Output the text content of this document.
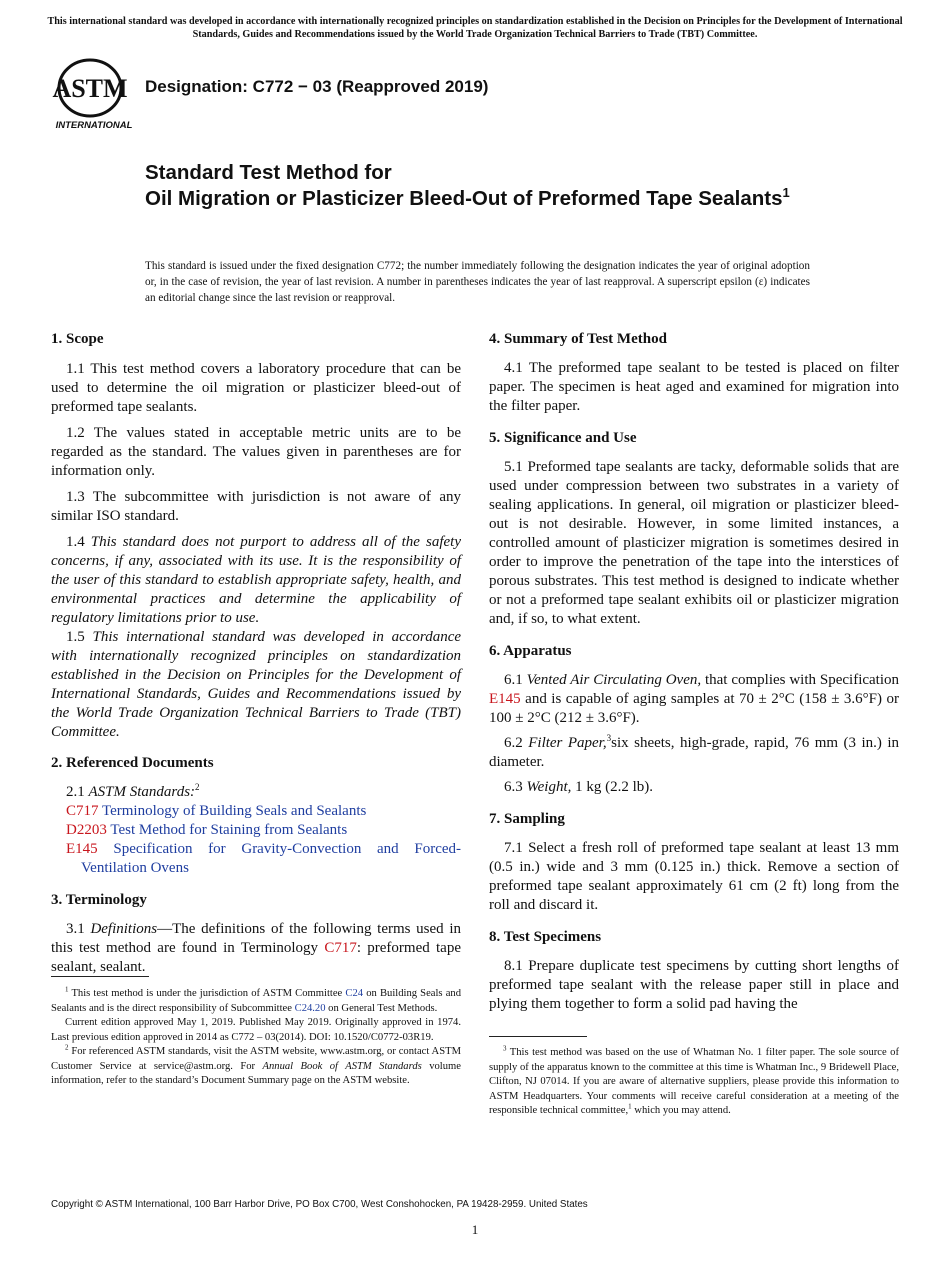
This international standard was developed in accordance with internationally recognized principles on standardization established in the Decision on Principles for the Development of International Standards, Guides and Recommendations issued by the World Trade Organization Technical Barriers to Trade (TBT) Committee.
ASTM
INTERNATIONAL
Designation: C772 − 03 (Reapproved 2019)
Standard Test Method for
Oil Migration or Plasticizer Bleed-Out of Preformed Tape Sealants$^1$
This standard is issued under the fixed designation C772; the number immediately following the designation indicates the year of original adoption or, in the case of revision, the year of last revision. A number in parentheses indicates the year of last reapproval. A superscript epsilon (ε) indicates an editorial change since the last revision or reapproval.

1. Scope

1.1 This test method covers a laboratory procedure that can be used to determine the oil migration or plasticizer bleed-out of preformed tape sealants.

1.2 The values stated in acceptable metric units are to be regarded as the standard. The values given in parentheses are for information only.

1.3 The subcommittee with jurisdiction is not aware of any similar ISO standard.

1.4 This standard does not purport to address all of the safety concerns, if any, associated with its use. It is the responsibility of the user of this standard to establish appropriate safety, health, and environmental practices and determine the applicability of regulatory limitations prior to use.

1.5 This international standard was developed in accordance with internationally recognized principles on standardization established in the Decision on Principles for the Development of International Standards, Guides and Recommendations issued by the World Trade Organization Technical Barriers to Trade (TBT) Committee.

2. Referenced Documents

2.1 ASTM Standards:$^2$

C717 Terminology of Building Seals and Sealants

D2203 Test Method for Staining from Sealants

E145 Specification for Gravity-Convection and Forced-Ventilation Ovens

3. Terminology

3.1 Definitions—The definitions of the following terms used in this test method are found in Terminology C717: preformed tape sealant, sealant.

4. Summary of Test Method

4.1 The preformed tape sealant to be tested is placed on filter paper. The specimen is heat aged and examined for migration into the filter paper.

5. Significance and Use

5.1 Preformed tape sealants are tacky, deformable solids that are used under compression between two substrates in a variety of sealing applications. In general, oil migration or plasticizer bleed-out is not desirable. However, in some limited instances, a controlled amount of plasticizer migration is sometimes desired in order to improve the penetration of the tape into the interstices of porous substrates. This test method is designed to indicate whether or not a preformed tape sealant exhibits oil or plasticizer migration and, if so, to what extent.

6. Apparatus

6.1 Vented Air Circulating Oven, that complies with Specification E145 and is capable of aging samples at 70 ± 2°C (158 ± 3.6°F) or 100 ± 2°C (212 ± 3.6°F).

6.2 Filter Paper,$^3$six sheets, high-grade, rapid, 76 mm (3 in.) in diameter.

6.3 Weight, 1 kg (2.2 lb).

7. Sampling

7.1 Select a fresh roll of preformed tape sealant at least 13 mm (0.5 in.) wide and 3 mm (0.125 in.) thick. Remove a section of preformed tape sealant approximately 61 cm (2 ft) long from the roll and discard it.

8. Test Specimens

8.1 Prepare duplicate test specimens by cutting short lengths of preformed tape sealant with the release paper still in place and plying them together to form a solid pad having the

$^1$ This test method is under the jurisdiction of ASTM Committee C24 on Building Seals and Sealants and is the direct responsibility of Subcommittee C24.20 on General Test Methods.

Current edition approved May 1, 2019. Published May 2019. Originally approved in 1974. Last previous edition approved in 2014 as C772 – 03(2014). DOI: 10.1520/C0772-03R19.

$^2$ For referenced ASTM standards, visit the ASTM website, www.astm.org, or contact ASTM Customer Service at service@astm.org. For Annual Book of ASTM Standards volume information, refer to the standard’s Document Summary page on the ASTM website.

$^3$ This test method was based on the use of Whatman No. 1 filter paper. The sole source of supply of the apparatus known to the committee at this time is Whatman Inc., 9 Bridewell Place, Clifton, NJ 07014. If you are aware of alternative suppliers, please provide this information to ASTM Headquarters. Your comments will receive careful consideration at a meeting of the responsible technical committee,$^1$ which you may attend.

Copyright © ASTM International, 100 Barr Harbor Drive, PO Box C700, West Conshohocken, PA 19428-2959. United States
1
